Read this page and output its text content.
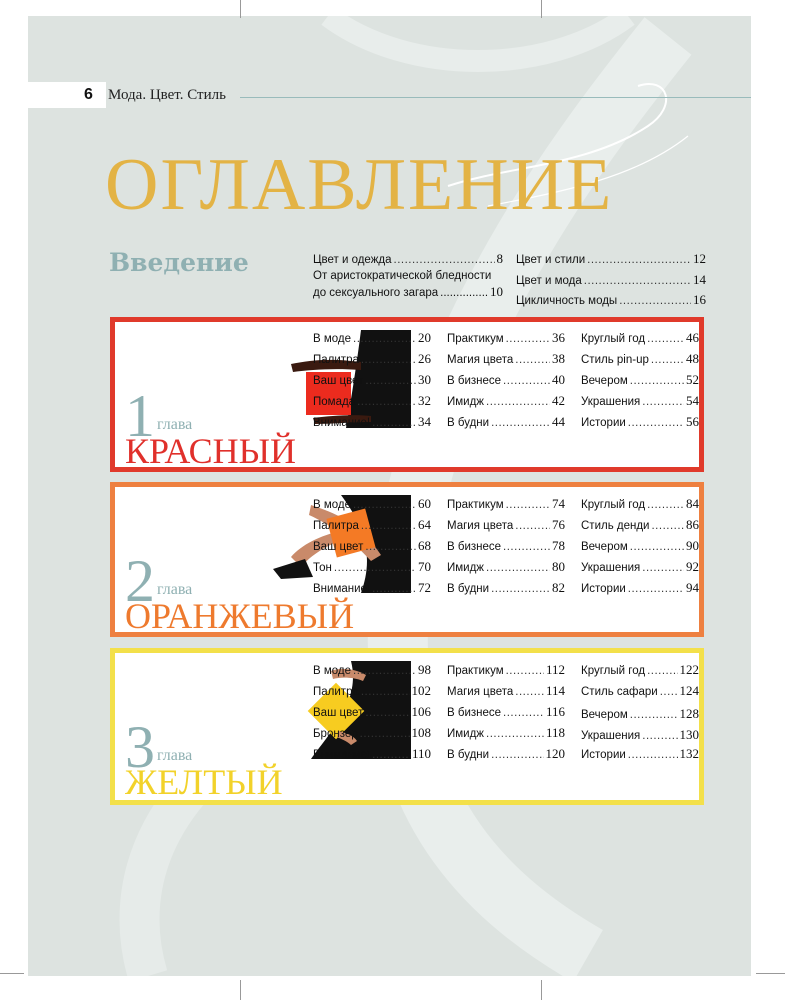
6 Мода. Цвет. Стиль
ОГЛАВЛЕНИЕ
Введение	Цвет и одежда .....	8
От аристократической бледности
до сексуального загара .....	10
Цвет и стили .....	12
Цвет и мода .....	14
Цикличность моды .....	16
1 глава
КРАСНЫЙ
2 глава
ОРАНЖЕВЫЙ
3 глава
ЖЕЛТЫЙ
В моде .....	20
Палитра .....	26
Ваш цвет .....	30
Помада .....	32
Внимание! .....	34
Практикум .....	36
Магия цвета .....	38
В бизнесе .....	40
Имидж .....	42
В будни .....	44
Круглый год .....	46
Стиль pin-up .....	48
Вечером .....	52
Украшения .....	54
Истории .....	56
В моде .....	60
Палитра .....	64
Ваш цвет .....	68
Тон .....	70
Внимание! .....	72
Практикум .....	74
Магия цвета .....	76
В бизнесе .....	78
Имидж .....	80
В будни .....	82
Круглый год .....	84
Стиль денди .....	86
Вечером .....	90
Украшения .....	92
Истории .....	94
В моде .....	98
Палитра .....	102
Ваш цвет .....	106
Бронзер .....	108
Внимание! .....	110
Практикум .....	112
Магия цвета .....	114
В бизнесе .....	116
Имидж .....	118
В будни .....	120
Круглый год .....	122
Стиль сафари ..... 124
Вечером .....	128
Украшения .....	130
Истории .....	132
